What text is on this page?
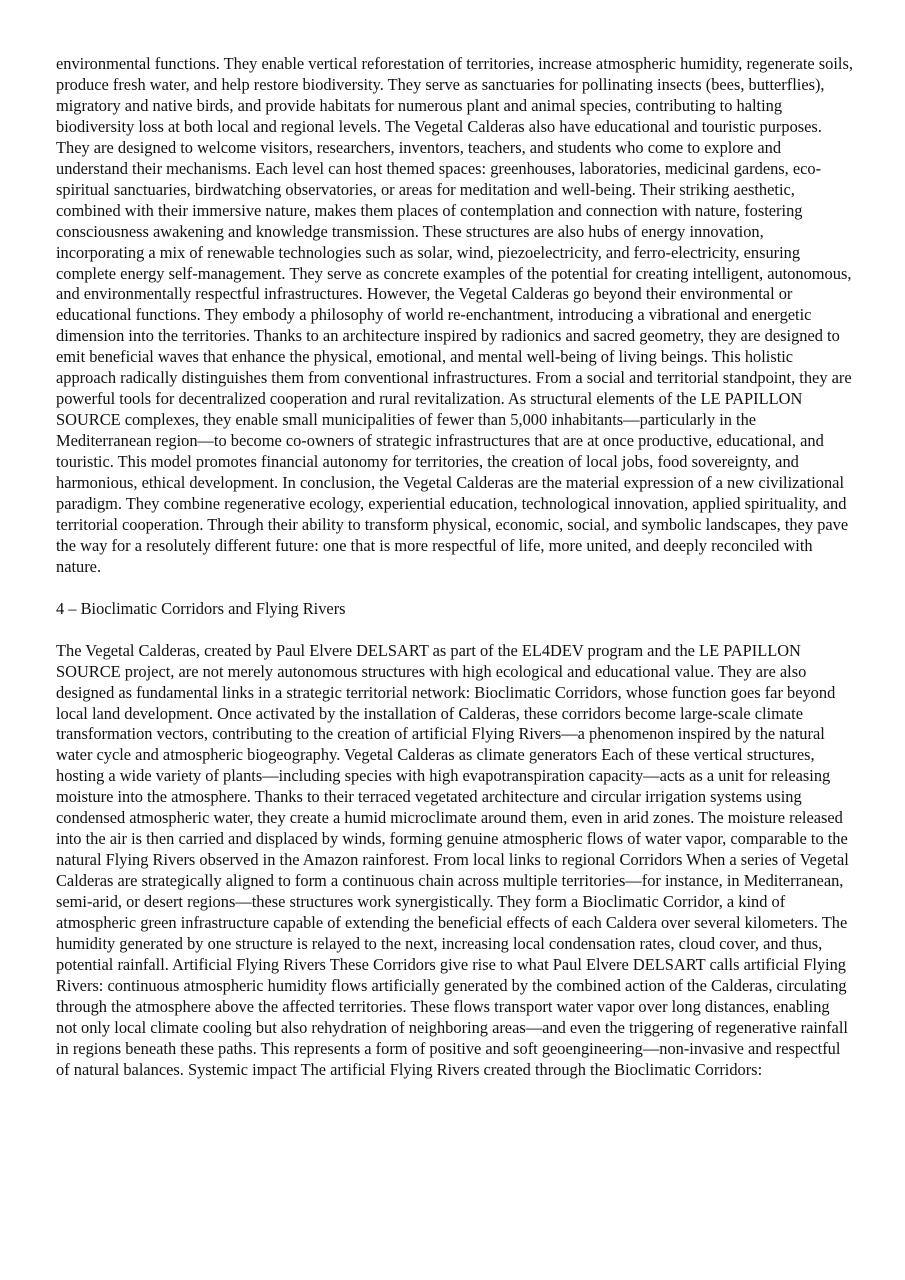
environmental functions. They enable vertical reforestation of territories, increase atmospheric humidity, regenerate soils, produce fresh water, and help restore biodiversity. They serve as sanctuaries for pollinating insects (bees, butterflies), migratory and native birds, and provide habitats for numerous plant and animal species, contributing to halting biodiversity loss at both local and regional levels. The Vegetal Calderas also have educational and touristic purposes. They are designed to welcome visitors, researchers, inventors, teachers, and students who come to explore and understand their mechanisms. Each level can host themed spaces: greenhouses, laboratories, medicinal gardens, eco-spiritual sanctuaries, birdwatching observatories, or areas for meditation and well-being. Their striking aesthetic, combined with their immersive nature, makes them places of contemplation and connection with nature, fostering consciousness awakening and knowledge transmission. These structures are also hubs of energy innovation, incorporating a mix of renewable technologies such as solar, wind, piezoelectricity, and ferro-electricity, ensuring complete energy self-management. They serve as concrete examples of the potential for creating intelligent, autonomous, and environmentally respectful infrastructures. However, the Vegetal Calderas go beyond their environmental or educational functions. They embody a philosophy of world re-enchantment, introducing a vibrational and energetic dimension into the territories. Thanks to an architecture inspired by radionics and sacred geometry, they are designed to emit beneficial waves that enhance the physical, emotional, and mental well-being of living beings. This holistic approach radically distinguishes them from conventional infrastructures. From a social and territorial standpoint, they are powerful tools for decentralized cooperation and rural revitalization. As structural elements of the LE PAPILLON SOURCE complexes, they enable small municipalities of fewer than 5,000 inhabitants—particularly in the Mediterranean region—to become co-owners of strategic infrastructures that are at once productive, educational, and touristic. This model promotes financial autonomy for territories, the creation of local jobs, food sovereignty, and harmonious, ethical development. In conclusion, the Vegetal Calderas are the material expression of a new civilizational paradigm. They combine regenerative ecology, experiential education, technological innovation, applied spirituality, and territorial cooperation. Through their ability to transform physical, economic, social, and symbolic landscapes, they pave the way for a resolutely different future: one that is more respectful of life, more united, and deeply reconciled with nature.

4 – Bioclimatic Corridors and Flying Rivers

The Vegetal Calderas, created by Paul Elvere DELSART as part of the EL4DEV program and the LE PAPILLON SOURCE project, are not merely autonomous structures with high ecological and educational value. They are also designed as fundamental links in a strategic territorial network: Bioclimatic Corridors, whose function goes far beyond local land development. Once activated by the installation of Calderas, these corridors become large-scale climate transformation vectors, contributing to the creation of artificial Flying Rivers—a phenomenon inspired by the natural water cycle and atmospheric biogeography. Vegetal Calderas as climate generators Each of these vertical structures, hosting a wide variety of plants—including species with high evapotranspiration capacity—acts as a unit for releasing moisture into the atmosphere. Thanks to their terraced vegetated architecture and circular irrigation systems using condensed atmospheric water, they create a humid microclimate around them, even in arid zones. The moisture released into the air is then carried and displaced by winds, forming genuine atmospheric flows of water vapor, comparable to the natural Flying Rivers observed in the Amazon rainforest. From local links to regional Corridors When a series of Vegetal Calderas are strategically aligned to form a continuous chain across multiple territories—for instance, in Mediterranean, semi-arid, or desert regions—these structures work synergistically. They form a Bioclimatic Corridor, a kind of atmospheric green infrastructure capable of extending the beneficial effects of each Caldera over several kilometers. The humidity generated by one structure is relayed to the next, increasing local condensation rates, cloud cover, and thus, potential rainfall. Artificial Flying Rivers These Corridors give rise to what Paul Elvere DELSART calls artificial Flying Rivers: continuous atmospheric humidity flows artificially generated by the combined action of the Calderas, circulating through the atmosphere above the affected territories. These flows transport water vapor over long distances, enabling not only local climate cooling but also rehydration of neighboring areas—and even the triggering of regenerative rainfall in regions beneath these paths. This represents a form of positive and soft geoengineering—non-invasive and respectful of natural balances. Systemic impact The artificial Flying Rivers created through the Bioclimatic Corridors:
